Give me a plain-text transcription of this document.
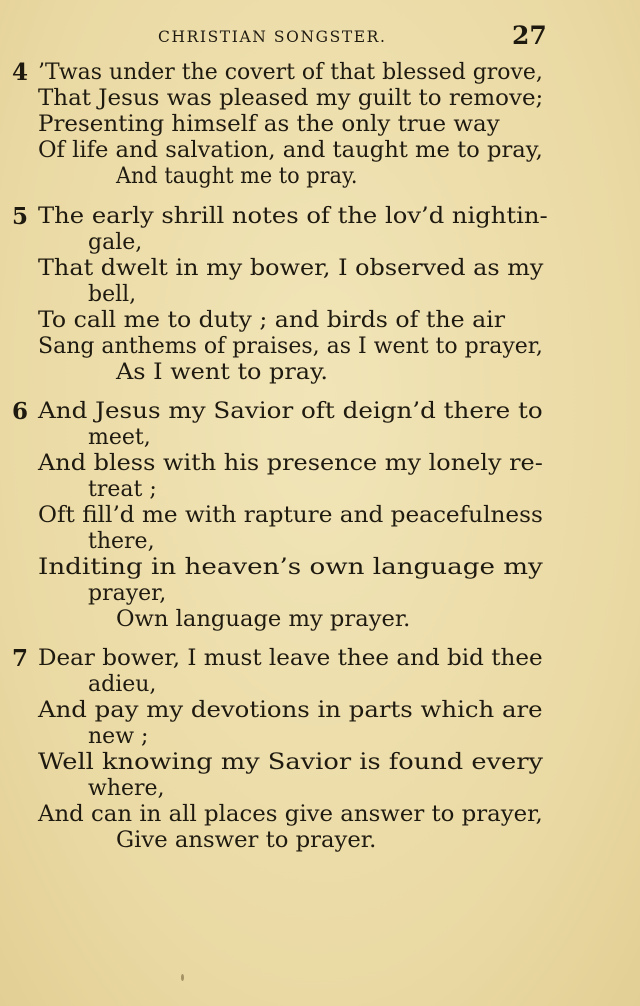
CHRISTIAN SONGSTER.	27
4 ’Twas under the covert of that blessed grove,
That Jesus was pleased my guilt to remove;
Presenting himself as the only true way
Of life and salvation, and taught me to pray,
And taught me to pray.
5 The early shrill notes of the lov’d nightin-
gale,
That dwelt in my bower, I observed as my
bell,
To call me to duty ; and birds of the air
Sang anthems of praises, as I went to prayer,
As I went to pray.
6 And Jesus my Savior oft deign’d there to
meet,
And bless with his presence my lonely re-
treat ;
Oft fill’d me with rapture and peacefulness
there,
Inditing in heaven’s own language my
prayer,
Own language my prayer.
7 Dear bower, I must leave thee and bid thee
adieu,
And pay my devotions in parts which are
new ;
Well knowing my Savior is found every
where,
And can in all places give answer to prayer,
Give answer to prayer.
